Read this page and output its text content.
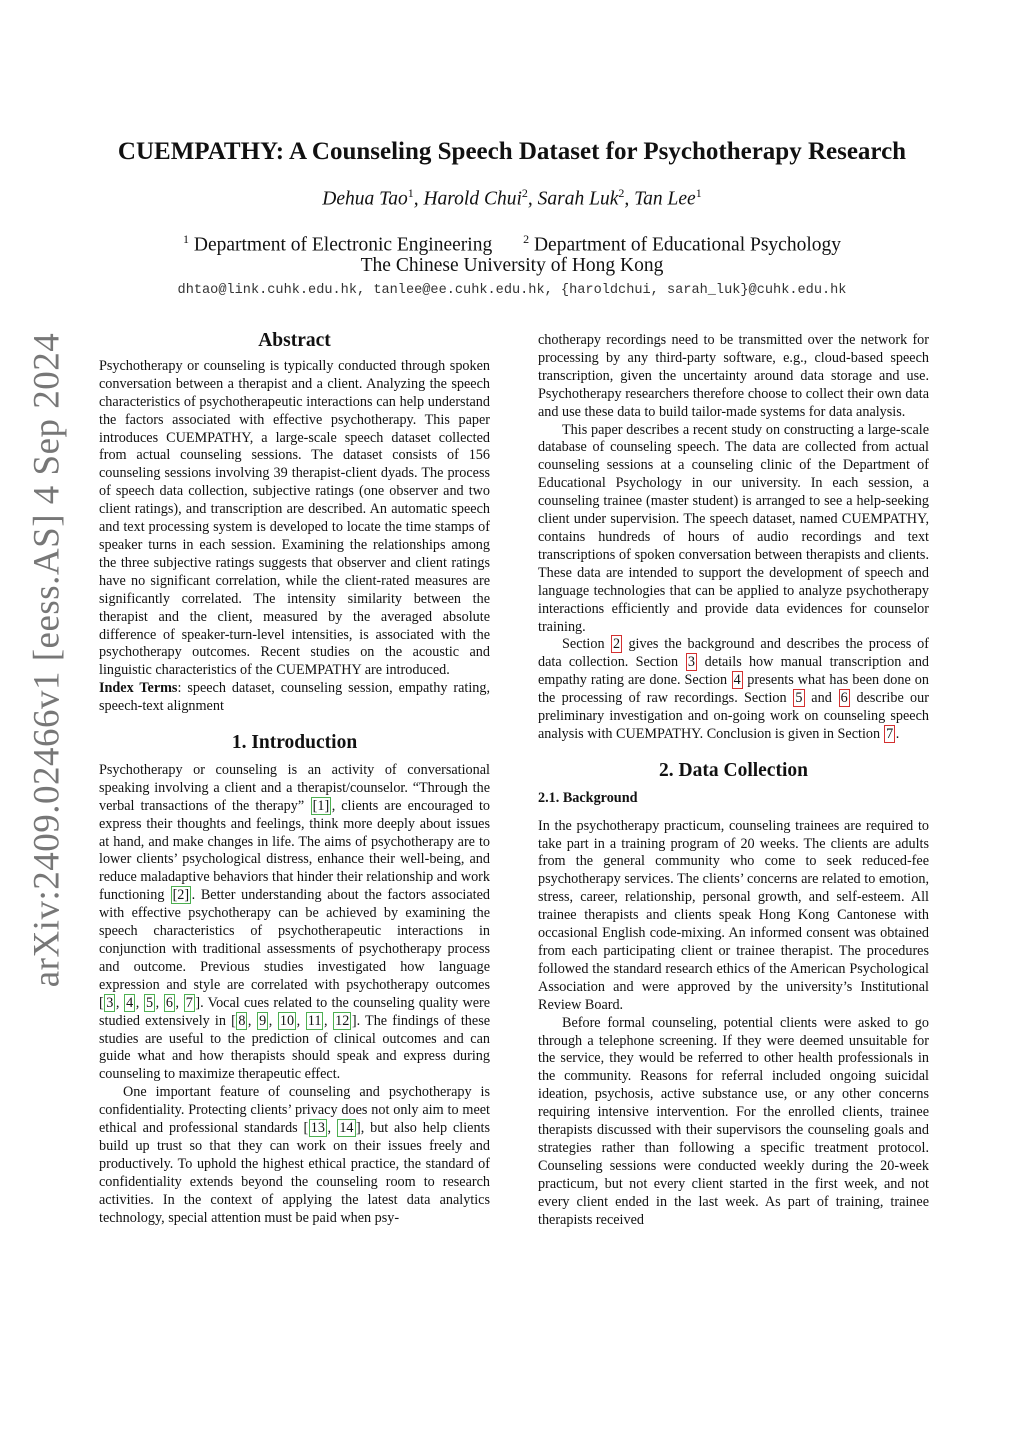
arXiv:2409.02466v1 [eess.AS] 4 Sep 2024
CUEMPATHY: A Counseling Speech Dataset for Psychotherapy Research
Dehua Tao$^1$, Harold Chui$^2$, Sarah Luk$^2$, Tan Lee$^1$
$^1$ Department of Electronic Engineering	$^2$ Department of Educational Psychology
The Chinese University of Hong Kong
dhtao@link.cuhk.edu.hk, tanlee@ee.cuhk.edu.hk, {haroldchui, sarah_luk}@cuhk.edu.hk
Abstract

Psychotherapy or counseling is typically conducted through spoken conversation between a therapist and a client. Analyzing the speech characteristics of psychotherapeutic interactions can help understand the factors associated with effective psychotherapy. This paper introduces CUEMPATHY, a large-scale speech dataset collected from actual counseling sessions. The dataset consists of 156 counseling sessions involving 39 therapist-client dyads. The process of speech data collection, subjective ratings (one observer and two client ratings), and transcription are described. An automatic speech and text processing system is developed to locate the time stamps of speaker turns in each session. Examining the relationships among the three subjective ratings suggests that observer and client ratings have no significant correlation, while the client-rated measures are significantly correlated. The intensity similarity between the therapist and the client, measured by the averaged absolute difference of speaker-turn-level intensities, is associated with the psychotherapy outcomes. Recent studies on the acoustic and linguistic characteristics of the CUEMPATHY are introduced.

Index Terms: speech dataset, counseling session, empathy rating, speech-text alignment

1. Introduction

Psychotherapy or counseling is an activity of conversational speaking involving a client and a therapist/counselor. “Through the verbal transactions of the therapy” [1] , clients are encouraged to express their thoughts and feelings, think more deeply about issues at hand, and make changes in life. The aims of psychotherapy are to lower clients’ psychological distress, enhance their well-being, and reduce maladaptive behaviors that hinder their relationship and work functioning [2] . Better understanding about the factors associated with effective psychotherapy can be achieved by examining the speech characteristics of psychotherapeutic interactions in conjunction with traditional assessments of psychotherapy process and outcome. Previous studies investigated how language expression and style are correlated with psychotherapy outcomes [ 3 , 4 , 5 , 6 , 7 ]. Vocal cues related to the counseling quality were studied extensively in [ 8 , 9 , 10 , 11 , 12 ]. The findings of these studies are useful to the prediction of clinical outcomes and can guide what and how therapists should speak and express during counseling to maximize therapeutic effect.

One important feature of counseling and psychotherapy is confidentiality. Protecting clients’ privacy does not only aim to meet ethical and professional standards [ 13 , 14 ], but also help clients build up trust so that they can work on their issues freely and productively. To uphold the highest ethical practice, the standard of confidentiality extends beyond the counseling room to research activities. In the context of applying the latest data analytics technology, special attention must be paid when psy-

chotherapy recordings need to be transmitted over the network for processing by any third-party software, e.g., cloud-based speech transcription, given the uncertainty around data storage and use. Psychotherapy researchers therefore choose to collect their own data and use these data to build tailor-made systems for data analysis.

This paper describes a recent study on constructing a large-scale database of counseling speech. The data are collected from actual counseling sessions at a counseling clinic of the Department of Educational Psychology in our university. In each session, a counseling trainee (master student) is arranged to see a help-seeking client under supervision. The speech dataset, named CUEMPATHY, contains hundreds of hours of audio recordings and text transcriptions of spoken conversation between therapists and clients. These data are intended to support the development of speech and language technologies that can be applied to analyze psychotherapy interactions efficiently and provide data evidences for counselor training.

Section 2 gives the background and describes the process of data collection. Section 3 details how manual transcription and empathy rating are done. Section 4 presents what has been done on the processing of raw recordings. Section 5 and 6 describe our preliminary investigation and on-going work on counseling speech analysis with CUEMPATHY. Conclusion is given in Section 7 .

2. Data Collection
2.1. Background

In the psychotherapy practicum, counseling trainees are required to take part in a training program of 20 weeks. The clients are adults from the general community who come to seek reduced-fee psychotherapy services. The clients’ concerns are related to emotion, stress, career, relationship, personal growth, and self-esteem. All trainee therapists and clients speak Hong Kong Cantonese with occasional English code-mixing. An informed consent was obtained from each participating client or trainee therapist. The procedures followed the standard research ethics of the American Psychological Association and were approved by the university’s Institutional Review Board.

Before formal counseling, potential clients were asked to go through a telephone screening. If they were deemed unsuitable for the service, they would be referred to other health professionals in the community. Reasons for referral included ongoing suicidal ideation, psychosis, active substance use, or any other concerns requiring intensive intervention. For the enrolled clients, trainee therapists discussed with their supervisors the counseling goals and strategies rather than following a specific treatment protocol. Counseling sessions were conducted weekly during the 20-week practicum, but not every client started in the first week, and not every client ended in the last week. As part of training, trainee therapists received
